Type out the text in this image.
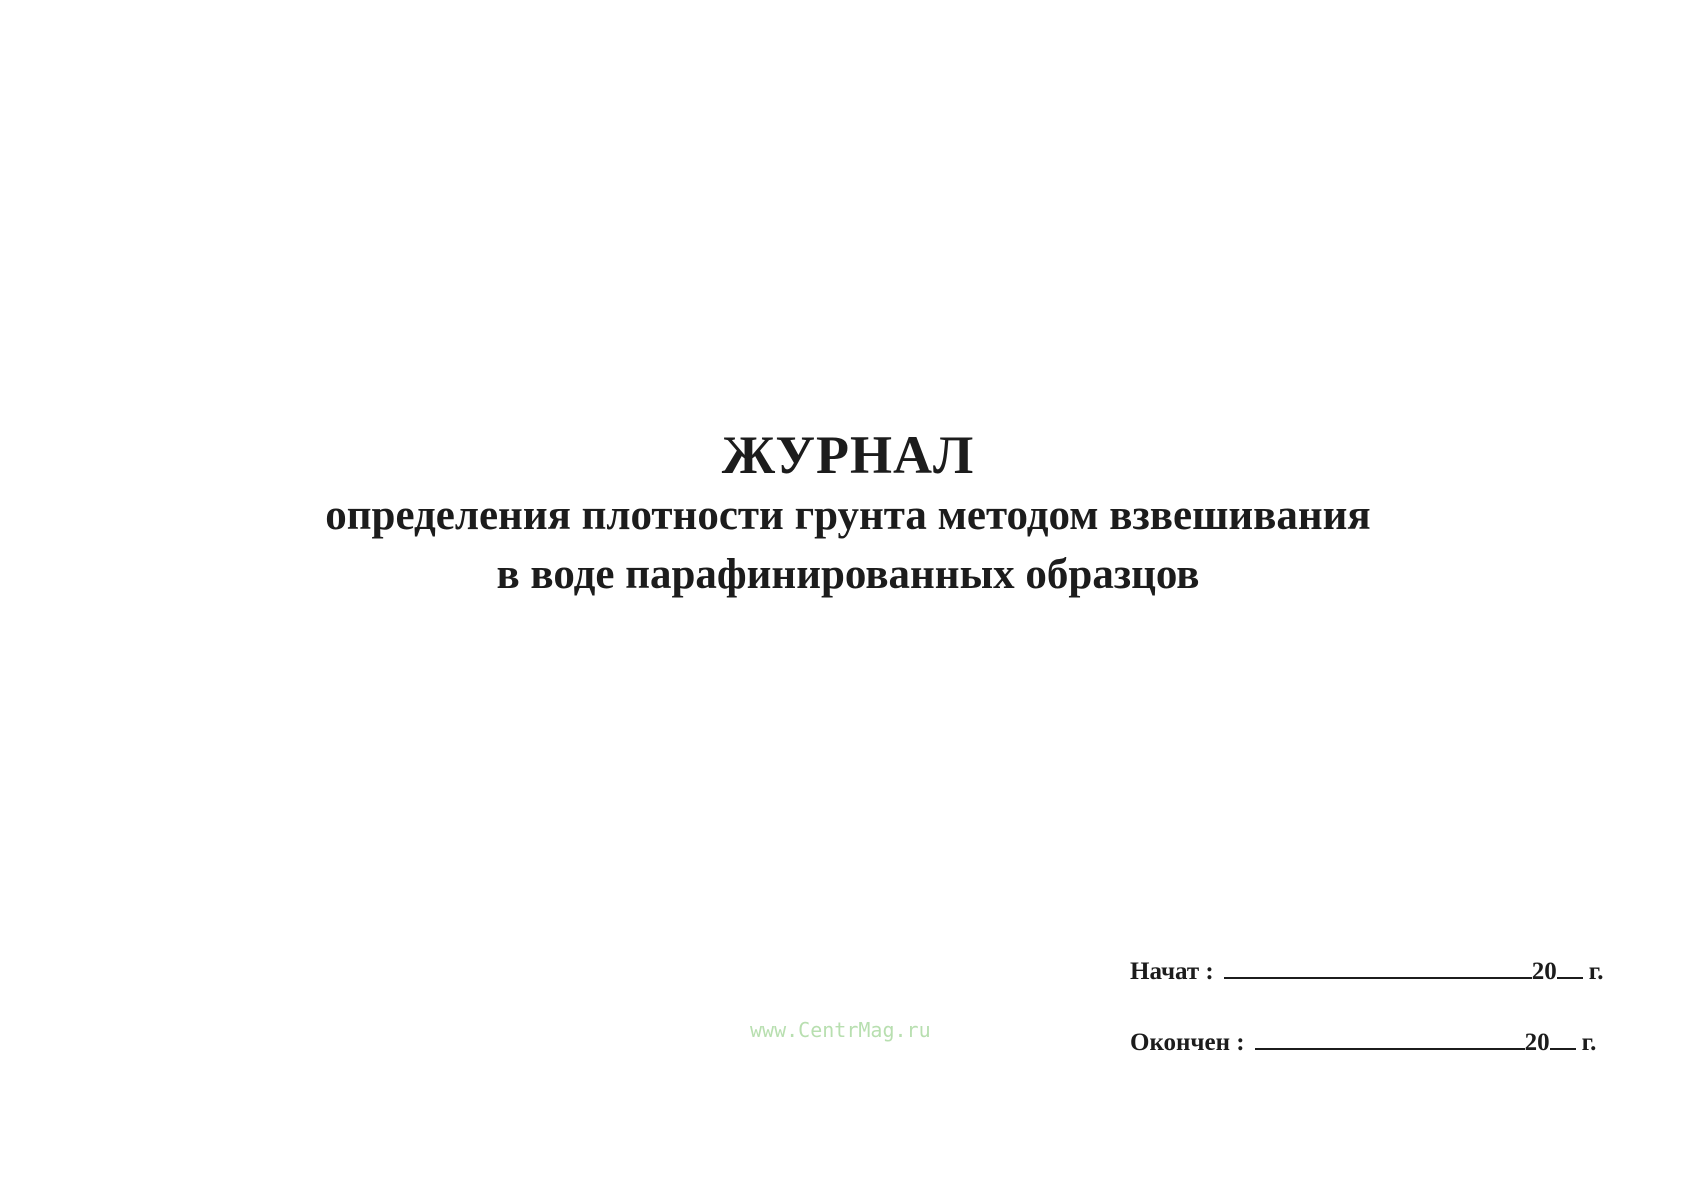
ЖУРНАЛ
определения плотности грунта методом взвешивания
в воде парафинированных образцов
www.CentrMag.ru
Начат :	20 г.
Окончен :	20 г.
